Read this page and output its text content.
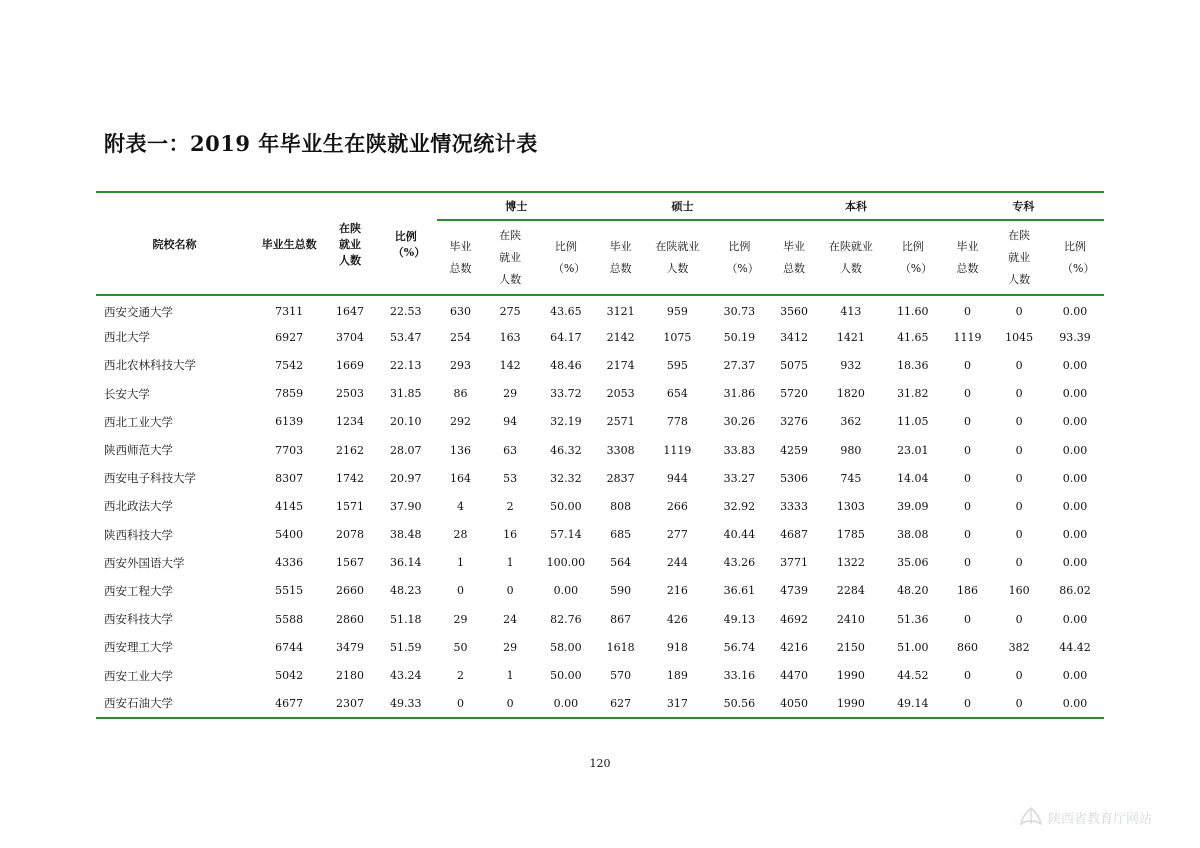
附表一：2019 年毕业生在陕就业情况统计表
院校名称	毕业生总数	在陕就业人数	比例（%）	博士			硕士			本科			专科		

				毕业总数	在陕就业人数	比例（%）	毕业总数	在陕就业人数	比例（%）	毕业总数	在陕就业人数	比例（%）	毕业总数	在陕就业人数	比例（%）

西安交通大学	7311	1647	22.53	630	275	43.65	3121	959	30.73	3560	413	11.60	0	0	0.00
西北大学	6927	3704	53.47	254	163	64.17	2142	1075	50.19	3412	1421	41.65	1119	1045	93.39
西北农林科技大学	7542	1669	22.13	293	142	48.46	2174	595	27.37	5075	932	18.36	0	0	0.00
长安大学	7859	2503	31.85	86	29	33.72	2053	654	31.86	5720	1820	31.82	0	0	0.00
西北工业大学	6139	1234	20.10	292	94	32.19	2571	778	30.26	3276	362	11.05	0	0	0.00
陕西师范大学	7703	2162	28.07	136	63	46.32	3308	1119	33.83	4259	980	23.01	0	0	0.00
西安电子科技大学	8307	1742	20.97	164	53	32.32	2837	944	33.27	5306	745	14.04	0	0	0.00
西北政法大学	4145	1571	37.90	4	2	50.00	808	266	32.92	3333	1303	39.09	0	0	0.00
陕西科技大学	5400	2078	38.48	28	16	57.14	685	277	40.44	4687	1785	38.08	0	0	0.00
西安外国语大学	4336	1567	36.14	1	1	100.00	564	244	43.26	3771	1322	35.06	0	0	0.00
西安工程大学	5515	2660	48.23	0	0	0.00	590	216	36.61	4739	2284	48.20	186	160	86.02
西安科技大学	5588	2860	51.18	29	24	82.76	867	426	49.13	4692	2410	51.36	0	0	0.00
西安理工大学	6744	3479	51.59	50	29	58.00	1618	918	56.74	4216	2150	51.00	860	382	44.42
西安工业大学	5042	2180	43.24	2	1	50.00	570	189	33.16	4470	1990	44.52	0	0	0.00
西安石油大学	4677	2307	49.33	0	0	0.00	627	317	50.56	4050	1990	49.14	0	0	0.00
120
陕西省教育厅网站
